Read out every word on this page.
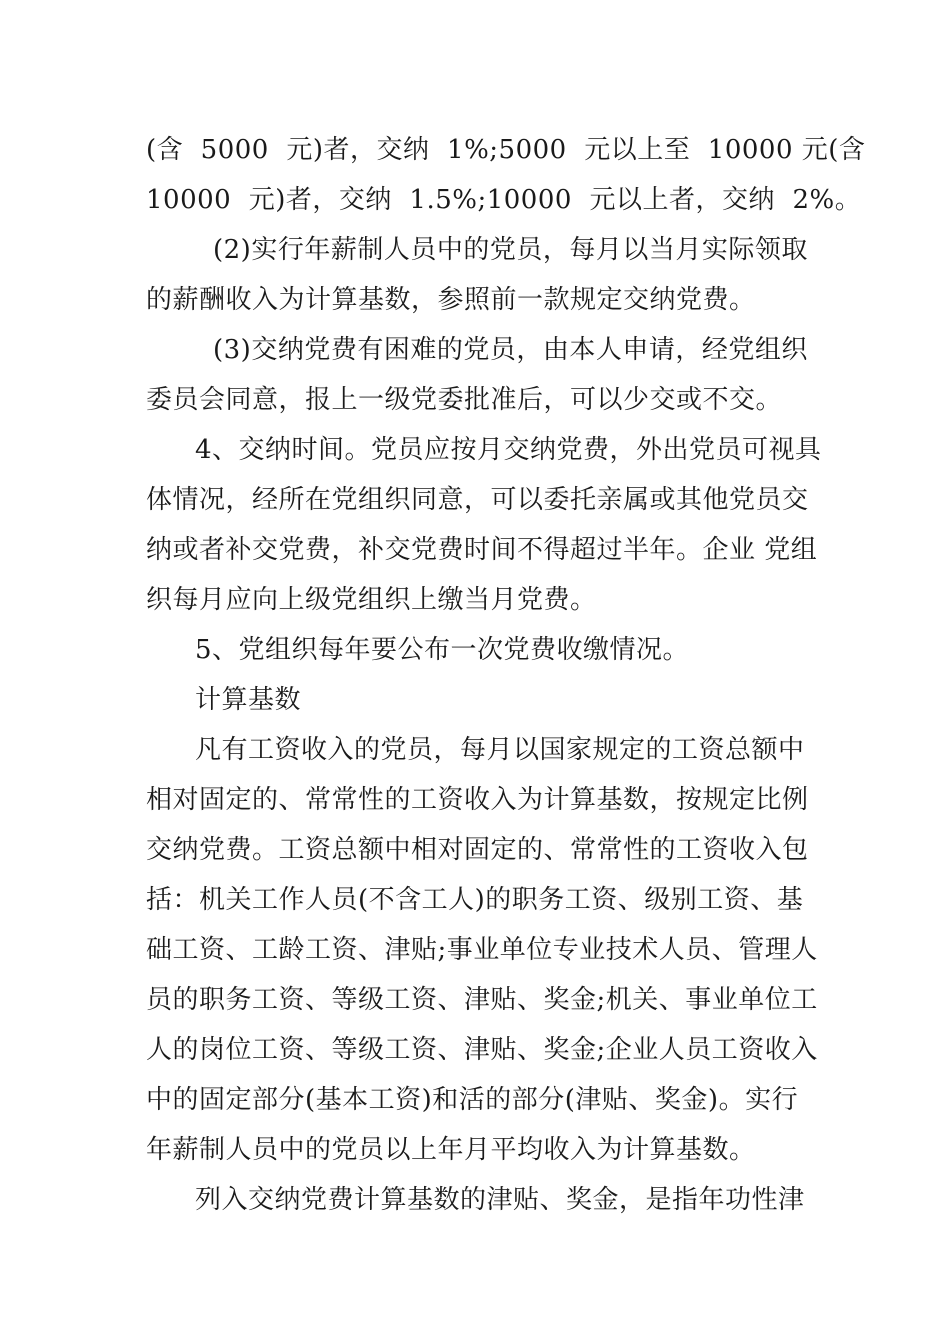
(含  5000  元)者，交纳  1%;5000  元以上至  10000 元(含
10000  元)者，交纳  1.5%;10000  元以上者，交纳  2%。
(2)实行年薪制人员中的党员，每月以当月实际领取
的薪酬收入为计算基数，参照前一款规定交纳党费。
(3)交纳党费有困难的党员，由本人申请，经党组织
委员会同意，报上一级党委批准后，可以少交或不交。
4、交纳时间。党员应按月交纳党费，外出党员可视具
体情况，经所在党组织同意，可以委托亲属或其他党员交
纳或者补交党费，补交党费时间不得超过半年。企业 党组
织每月应向上级党组织上缴当月党费。
5、党组织每年要公布一次党费收缴情况。
计算基数
凡有工资收入的党员，每月以国家规定的工资总额中
相对固定的、常常性的工资收入为计算基数，按规定比例
交纳党费。工资总额中相对固定的、常常性的工资收入包
括：机关工作人员(不含工人)的职务工资、级别工资、基
础工资、工龄工资、津贴;事业单位专业技术人员、管理人
员的职务工资、等级工资、津贴、奖金;机关、事业单位工
人的岗位工资、等级工资、津贴、奖金;企业人员工资收入
中的固定部分(基本工资)和活的部分(津贴、奖金)。实行
年薪制人员中的党员以上年月平均收入为计算基数。
列入交纳党费计算基数的津贴、奖金，是指年功性津
